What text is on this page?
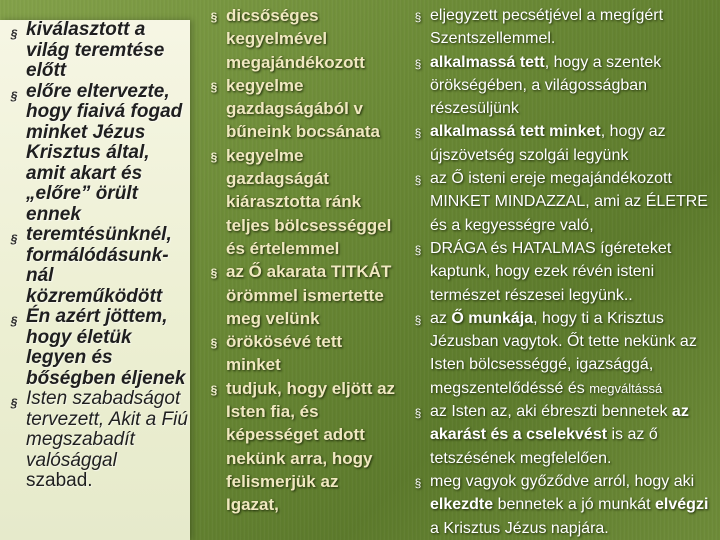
§ kiválasztott a világ teremtése előtt
§ előre eltervezte, hogy fiaivá fogad minket Jézus Krisztus által, amit akart és „előre” örült ennek
§ teremtésünknél, formálódásunk-nál közreműködött
§ Én azért jöttem, hogy életük legyen és bőségben éljenek
§ Isten szabadságot tervezett, Akit a Fiú megszabadít valósággal szabad.
§ dicsőséges kegyelmével megajándékozott
§ kegyelme gazdagságából v bűneink bocsánata
§ kegyelme gazdagságát kiárasztotta ránk teljes bölcsességgel és értelemmel
§ az Ő akarata TITKÁT örömmel ismertette meg velünk
§ örökösévé tett minket
§ tudjuk, hogy eljött az Isten fia, és képességet adott nekünk arra, hogy felismerjük az Igazat,
§ eljegyzett pecsétjével a megígért Szentszellemmel.
§ alkalmassá tett, hogy a szentek örökségében, a világosságban részesüljünk
§ alkalmassá tett minket, hogy az újszövetség szolgái legyünk
§ az Ő isteni ereje megajándékozott MINKET MINDAZZAL, ami az ÉLETRE és a kegyességre való,
§ DRÁGA és HATALMAS ígéreteket kaptunk, hogy ezek révén isteni természet részesei legyünk..
§ az Ő munkája, hogy ti a Krisztus Jézusban vagytok. Őt tette nekünk az Isten bölcsességgé, igazsággá, megszentelődéssé és megváltássá
§ az Isten az, aki ébreszti bennetek az akarást és a cselekvést is az ő tetszésének megfelelően.
§ meg vagyok győződve arról, hogy aki elkezdte bennetek a jó munkát elvégzi a Krisztus Jézus napjára.
